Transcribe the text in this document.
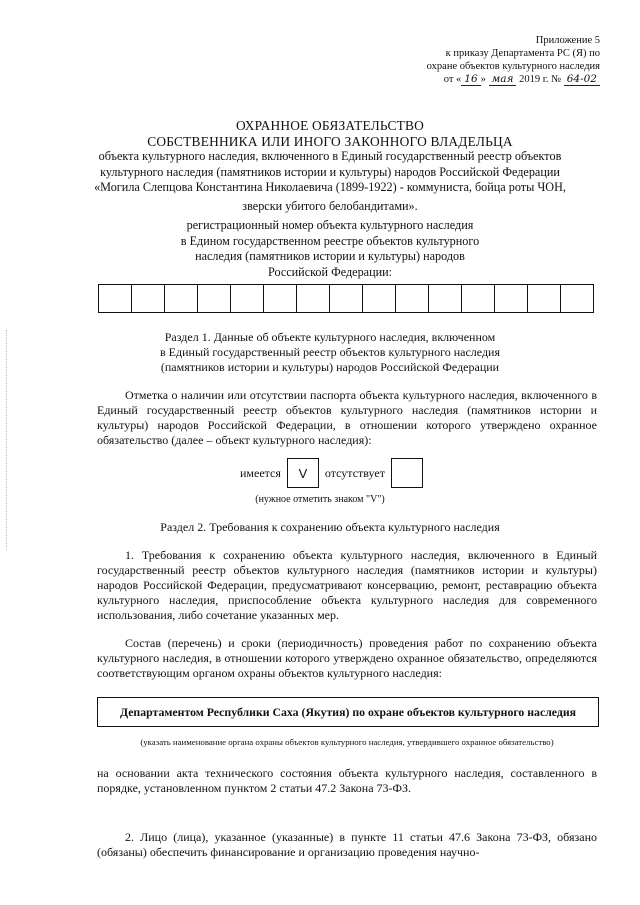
Приложение 5
к приказу Департамента РС (Я) по
охране объектов культурного наследия
от « 16 » мая 2019 г. № 64-02
ОХРАННОЕ ОБЯЗАТЕЛЬСТВО
СОБСТВЕННИКА ИЛИ ИНОГО ЗАКОННОГО ВЛАДЕЛЬЦА
объекта культурного наследия, включенного в Единый государственный реестр объектов
культурного наследия (памятников истории и культуры) народов Российской Федерации
«Могила Слепцова Константина Николаевича (1899-1922) - коммуниста, бойца роты ЧОН,
зверски убитого белобандитами».
регистрационный номер объекта культурного наследия
в Едином государственном реестре объектов культурного
наследия (памятников истории и культуры) народов
Российской Федерации:
Раздел 1. Данные об объекте культурного наследия, включенном
в Единый государственный реестр объектов культурного наследия
(памятников истории и культуры) народов Российской Федерации
Отметка о наличии или отсутствии паспорта объекта культурного наследия, включенного в Единый государственный реестр объектов культурного наследия (памятников истории и культуры) народов Российской Федерации, в отношении которого утверждено охранное обязательство (далее – объект культурного наследия):
имеется	V	отсутствует
(нужное отметить знаком "V")
Раздел 2. Требования к сохранению объекта культурного наследия
1. Требования к сохранению объекта культурного наследия, включенного в Единый государственный реестр объектов культурного наследия (памятников истории и культуры) народов Российской Федерации, предусматривают консервацию, ремонт, реставрацию объекта культурного наследия, приспособление объекта культурного наследия для современного использования, либо сочетание указанных мер.
Состав (перечень) и сроки (периодичность) проведения работ по сохранению объекта культурного наследия, в отношении которого утверждено охранное обязательство, определяются соответствующим органом охраны объектов культурного наследия:
Департаментом Республики Саха (Якутия) по охране объектов культурного наследия
(указать наименование органа охраны объектов культурного наследия, утвердившего охранное обязательство)
на основании акта технического состояния объекта культурного наследия, составленного в порядке, установленном пунктом 2 статьи 47.2 Закона 73-ФЗ.
2. Лицо (лица), указанное (указанные) в пункте 11 статьи 47.6 Закона 73-ФЗ, обязано (обязаны) обеспечить финансирование и организацию проведения научно-
